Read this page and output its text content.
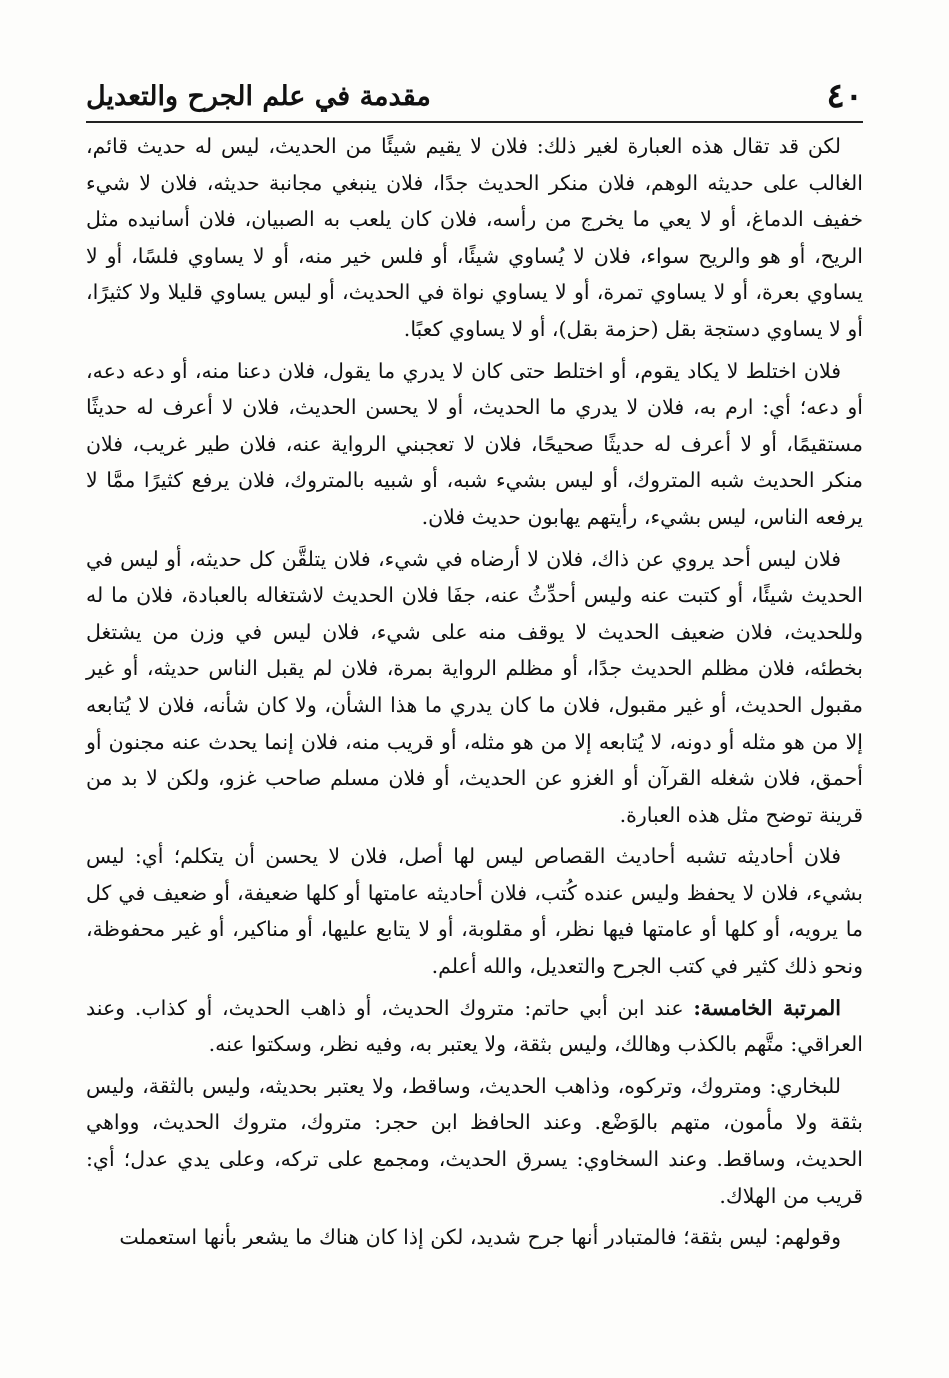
٤٠
مقدمة في علم الجرح والتعديل

لكن قد تقال هذه العبارة لغير ذلك: فلان لا يقيم شيئًا من الحديث، ليس له حديث قائم، الغالب على حديثه الوهم، فلان منكر الحديث جدًا، فلان ينبغي مجانبة حديثه، فلان لا شيء خفيف الدماغ، أو لا يعي ما يخرج من رأسه، فلان كان يلعب به الصبيان، فلان أسانيده مثل الريح، أو هو والريح سواء، فلان لا يُساوي شيئًا، أو فلس خير منه، أو لا يساوي فلسًا، أو لا يساوي بعرة، أو لا يساوي تمرة، أو لا يساوي نواة في الحديث، أو ليس يساوي قليلا ولا كثيرًا، أو لا يساوي دستجة بقل (حزمة بقل)، أو لا يساوي كعبًا.

فلان اختلط لا يكاد يقوم، أو اختلط حتى كان لا يدري ما يقول، فلان دعنا منه، أو دعه دعه، أو دعه؛ أي: ارم به، فلان لا يدري ما الحديث، أو لا يحسن الحديث، فلان لا أعرف له حديثًا مستقيمًا، أو لا أعرف له حديثًا صحيحًا، فلان لا تعجبني الرواية عنه، فلان طير غريب، فلان منكر الحديث شبه المتروك، أو ليس بشيء شبه، أو شبيه بالمتروك، فلان يرفع كثيرًا ممَّا لا يرفعه الناس، ليس بشيء، رأيتهم يهابون حديث فلان.

فلان ليس أحد يروي عن ذاك، فلان لا أرضاه في شيء، فلان يتلقَّن كل حديثه، أو ليس في الحديث شيئًا، أو كتبت عنه وليس أحدِّثُ عنه، جفَا فلان الحديث لاشتغاله بالعبادة، فلان ما له وللحديث، فلان ضعيف الحديث لا يوقف منه على شيء، فلان ليس في وزن من يشتغل بخطئه، فلان مظلم الحديث جدًا، أو مظلم الرواية بمرة، فلان لم يقبل الناس حديثه، أو غير مقبول الحديث، أو غير مقبول، فلان ما كان يدري ما هذا الشأن، ولا كان شأنه، فلان لا يُتابعه إلا من هو مثله أو دونه، لا يُتابعه إلا من هو مثله، أو قريب منه، فلان إنما يحدث عنه مجنون أو أحمق، فلان شغله القرآن أو الغزو عن الحديث، أو فلان مسلم صاحب غزو، ولكن لا بد من قرينة توضح مثل هذه العبارة.

فلان أحاديثه تشبه أحاديث القصاص ليس لها أصل، فلان لا يحسن أن يتكلم؛ أي: ليس بشيء، فلان لا يحفظ وليس عنده كُتب، فلان أحاديثه عامتها أو كلها ضعيفة، أو ضعيف في كل ما يرويه، أو كلها أو عامتها فيها نظر، أو مقلوبة، أو لا يتابع عليها، أو مناكير، أو غير محفوظة، ونحو ذلك كثير في كتب الجرح والتعديل، والله أعلم.

المرتبة الخامسة: عند ابن أبي حاتم: متروك الحديث، أو ذاهب الحديث، أو كذاب. وعند العراقي: متَّهم بالكذب وهالك، وليس بثقة، ولا يعتبر به، وفيه نظر، وسكتوا عنه.

للبخاري: ومتروك، وتركوه، وذاهب الحديث، وساقط، ولا يعتبر بحديثه، وليس بالثقة، وليس بثقة ولا مأمون، متهم بالوَضْع. وعند الحافظ ابن حجر: متروك، متروك الحديث، وواهي الحديث، وساقط. وعند السخاوي: يسرق الحديث، ومجمع على تركه، وعلى يدي عدل؛ أي: قريب من الهلاك.

وقولهم: ليس بثقة؛ فالمتبادر أنها جرح شديد، لكن إذا كان هناك ما يشعر بأنها استعملت
